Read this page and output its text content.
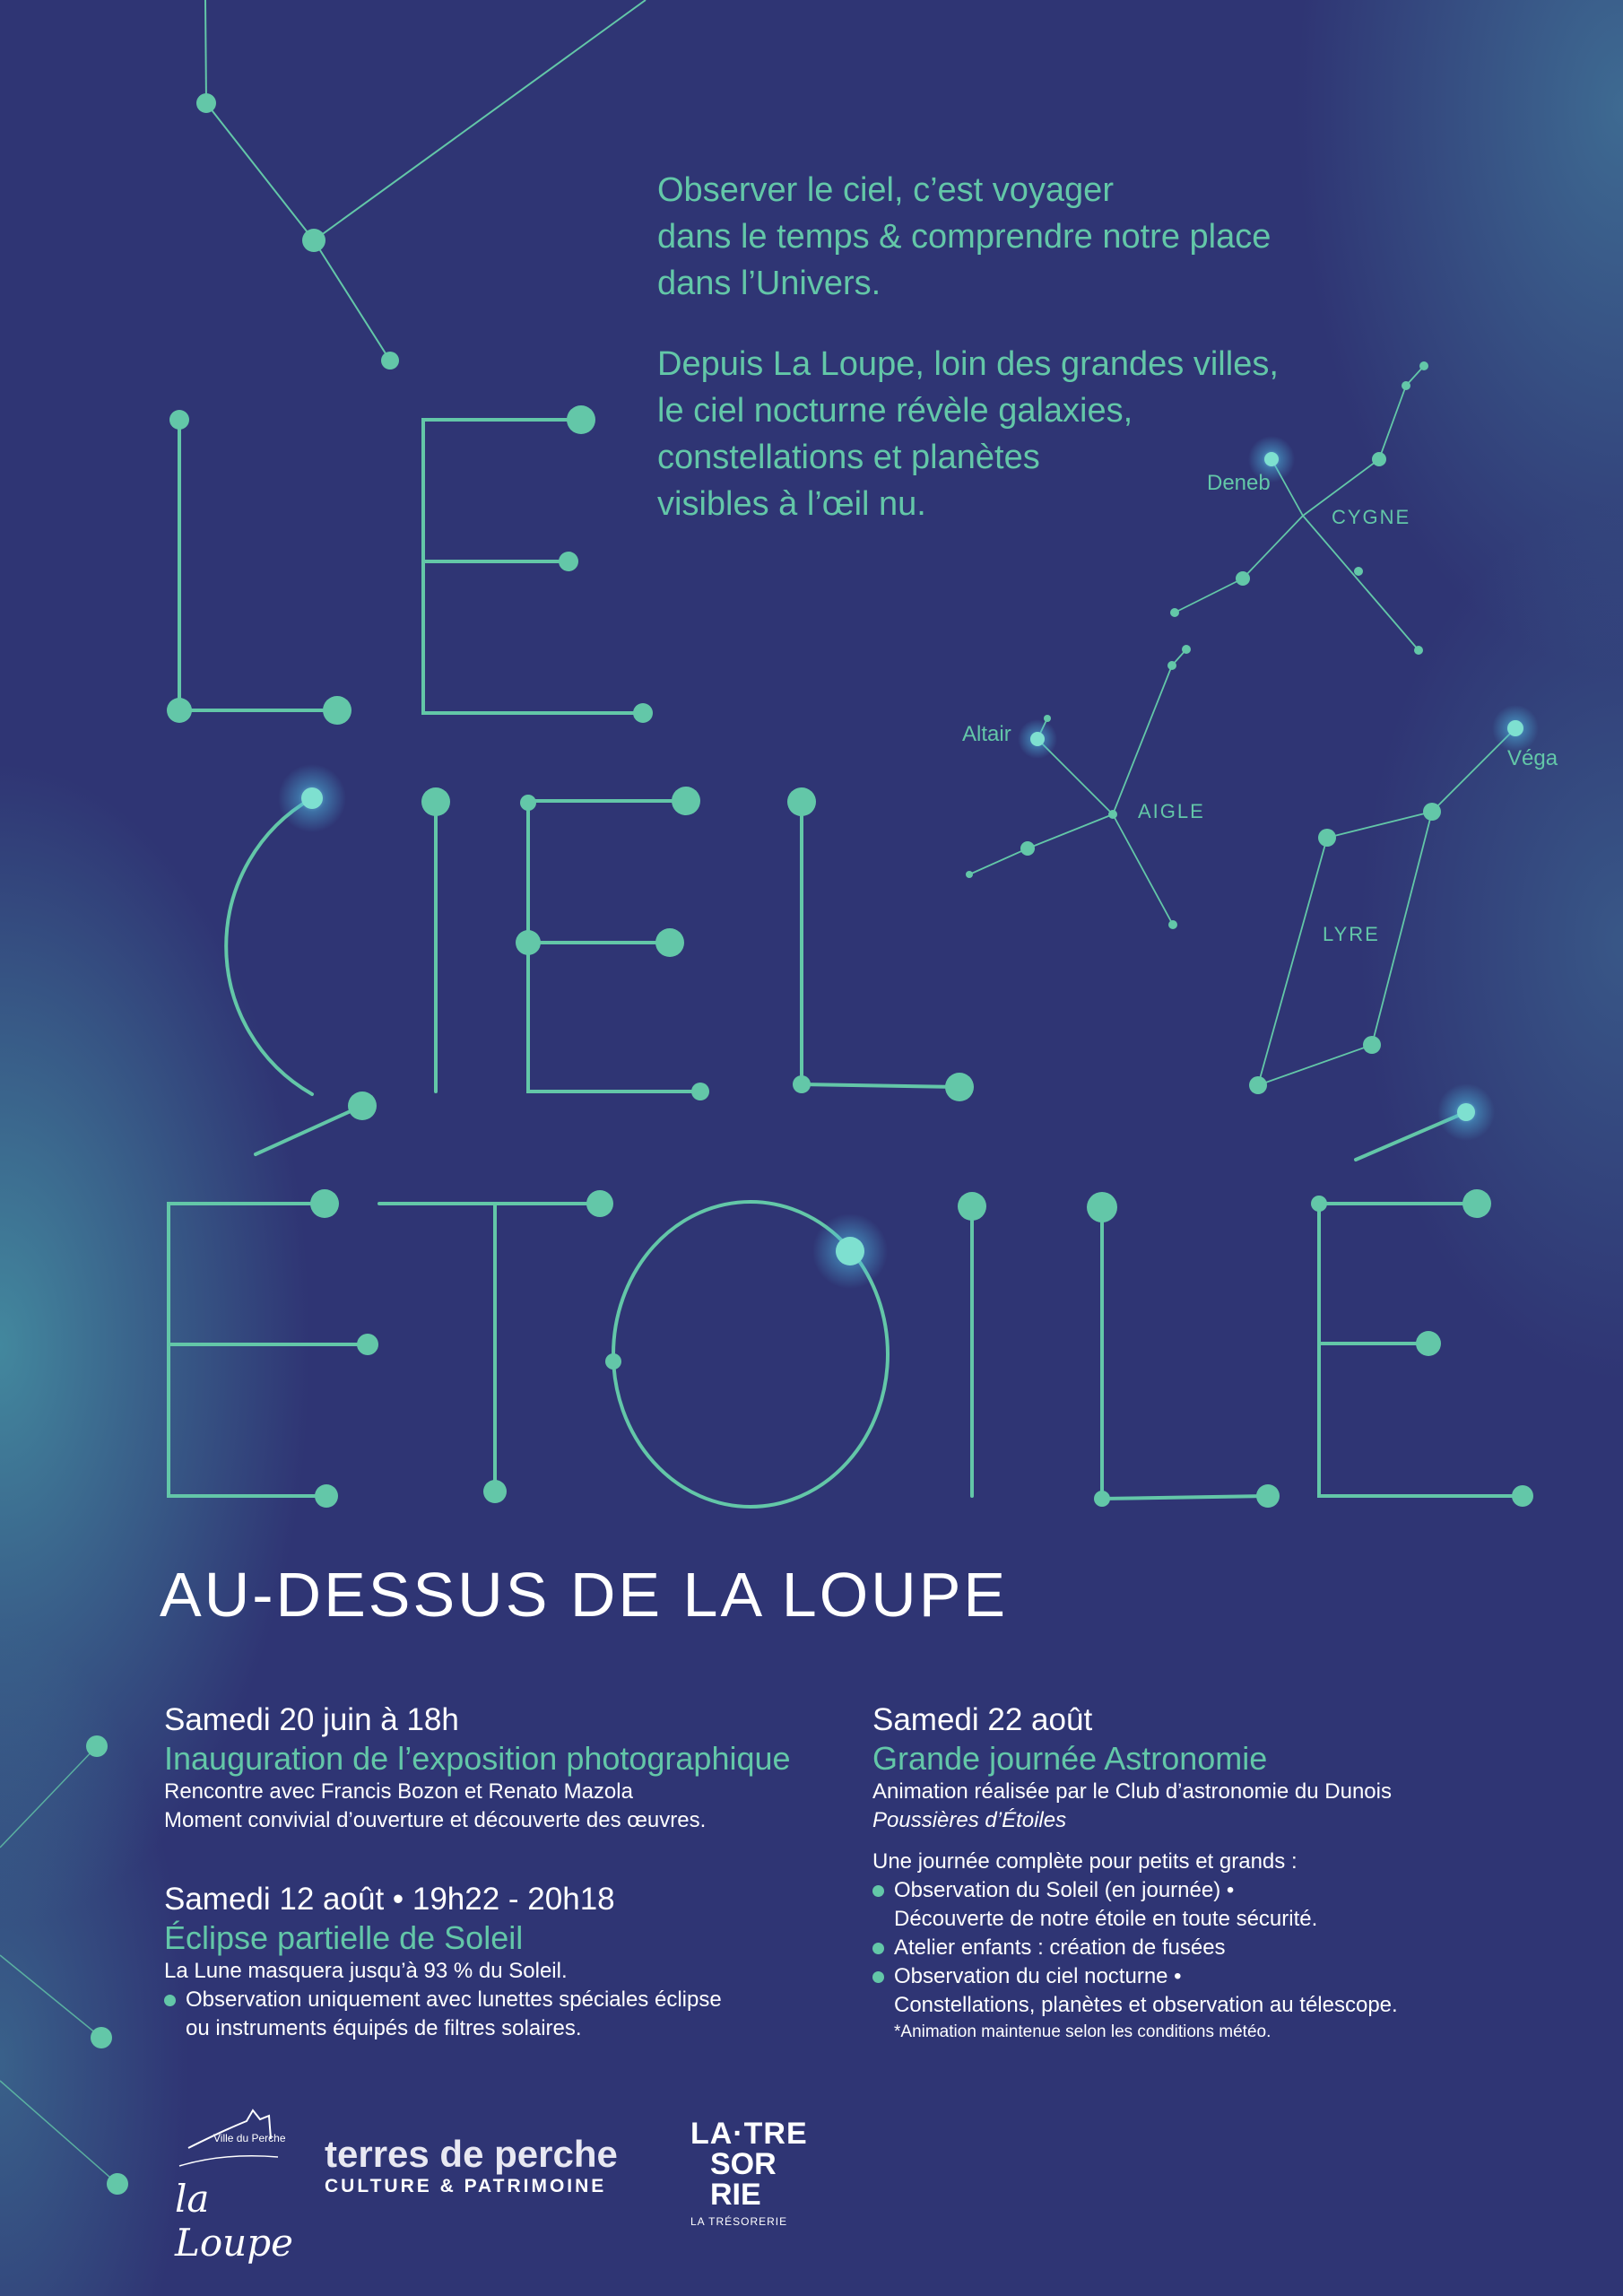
Deneb
CYGNE
Altair
AIGLE
Véga
LYRE
Observer le ciel, c’est voyager
dans le temps & comprendre notre place
dans l’Univers.
Depuis La Loupe, loin des grandes villes,
le ciel nocturne révèle galaxies,
constellations et planètes
visibles à l’œil nu.
AU-DESSUS DE LA LOUPE
Samedi 20 juin à 18h
Inauguration de l’exposition photographique
Rencontre avec Francis Bozon et Renato Mazola
Moment convivial d’ouverture et découverte des œuvres.
Samedi 12 août • 19h22 - 20h18
Éclipse partielle de Soleil
La Lune masquera jusqu’à 93 % du Soleil.
Observation uniquement avec lunettes spéciales éclipse
ou instruments équipés de filtres solaires.
Samedi 22 août
Grande journée Astronomie
Animation réalisée par le Club d’astronomie du Dunois
Poussières d’Étoiles
Une journée complète pour petits et grands :
Observation du Soleil (en journée) •
Découverte de notre étoile en toute sécurité.
Atelier enfants : création de fusées
Observation du ciel nocturne •
Constellations, planètes et observation au télescope.
*Animation maintenue selon les conditions météo.
Ville du Perche
la Loupe
terres de perche
CULTURE & PATRIMOINE
LA·TRE
SOR
RIE
LA TRÉSORERIE
